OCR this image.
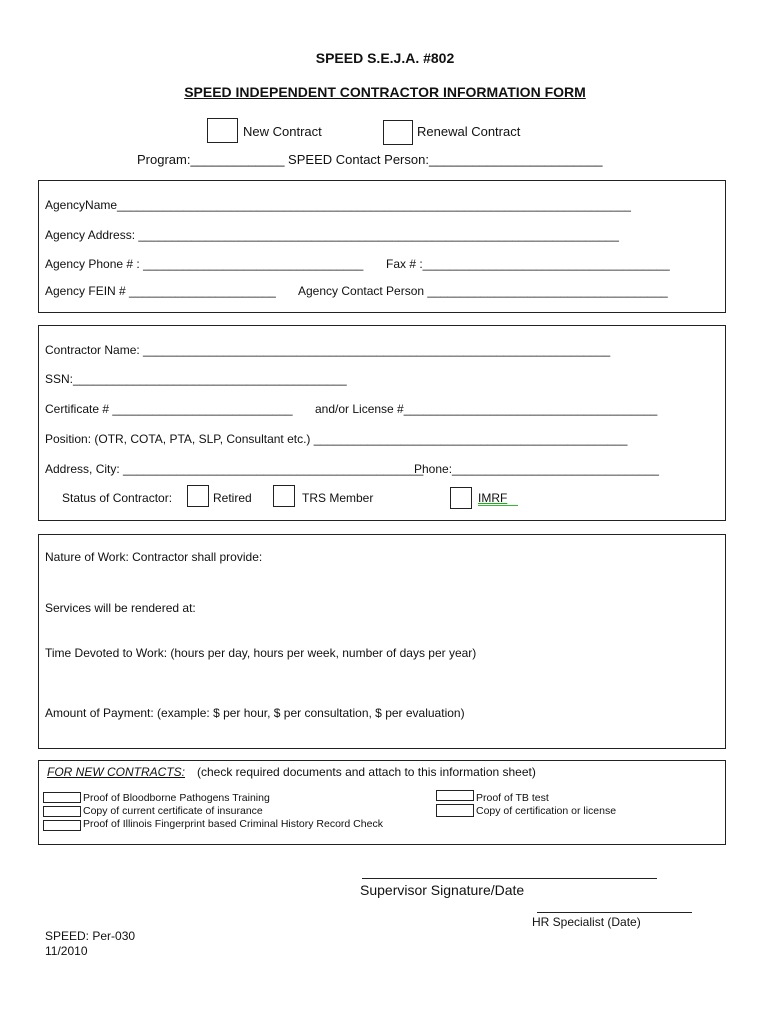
SPEED S.E.J.A. #802
SPEED INDEPENDENT CONTRACTOR INFORMATION FORM
New Contract	Renewal Contract
Program:_____________ SPEED Contact Person:________________________
AgencyName_____________________________________________________________________________
Agency Address: ________________________________________________________________________
Agency Phone # : _________________________________ Fax # :_____________________________________
Agency FEIN # ______________________ Agency Contact Person ____________________________________
Contractor Name: ______________________________________________________________________
SSN:_________________________________________
Certificate # ___________________________ and/or License #______________________________________
Position: (OTR, COTA, PTA, SLP, Consultant etc.) _______________________________________________
Address, City: _____________________________________________
Phone:_______________________________
Status of Contractor:	Retired	TRS Member	IMRF
Nature of Work: Contractor shall provide:
Services will be rendered at:
Time Devoted to Work: (hours per day, hours per week, number of days per year)
Amount of Payment: (example: $ per hour, $ per consultation, $ per evaluation)
FOR NEW CONTRACTS: (check required documents and attach to this information sheet)
Proof of Bloodborne Pathogens Training
Copy of current certificate of insurance
Proof of Illinois Fingerprint based Criminal History Record Check
Proof of TB test
Copy of certification or license
Supervisor Signature/Date
HR Specialist (Date)
SPEED: Per-030
11/2010
